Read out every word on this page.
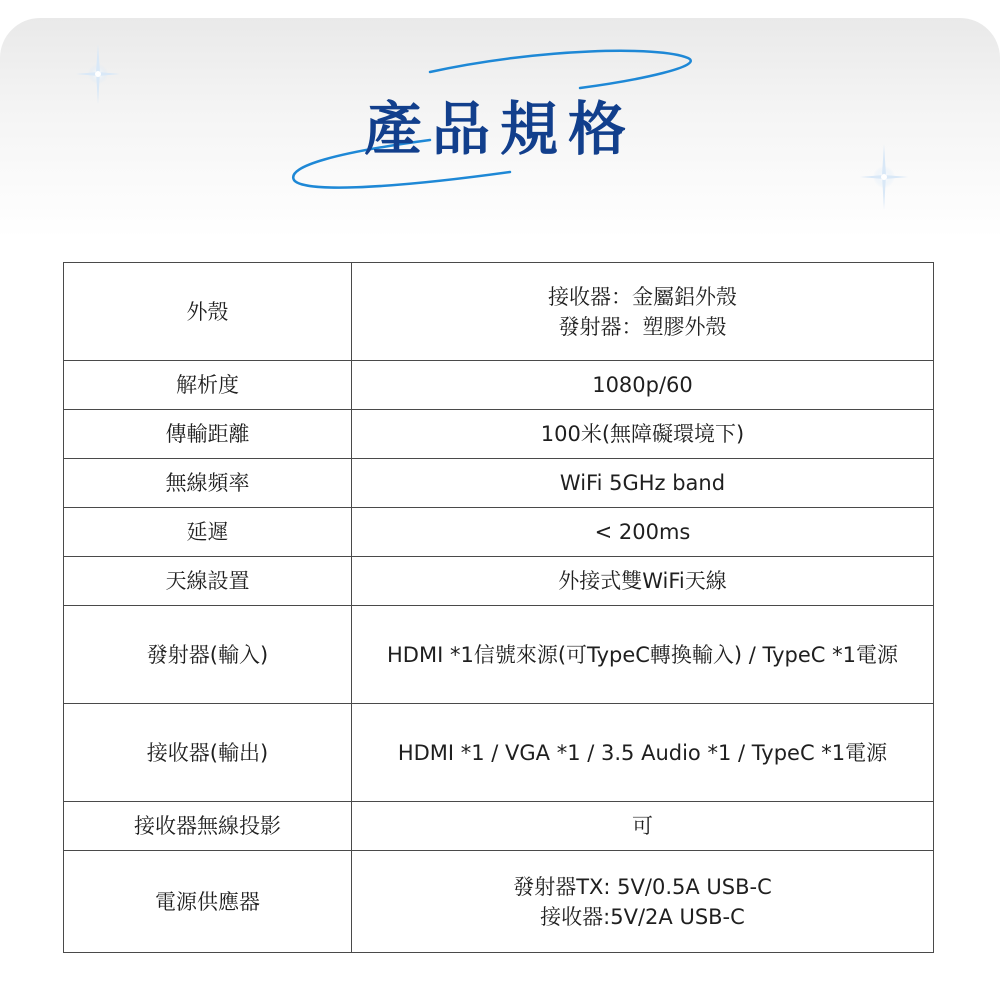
產品規格
外殼	接收器：金屬鋁外殼
發射器：塑膠外殼

解析度	1080p/60
傳輸距離	100米(無障礙環境下)
無線頻率	WiFi 5GHz band
延遲	< 200ms
天線設置	外接式雙WiFi天線
發射器(輸入)	HDMI *1信號來源(可TypeC轉換輸入) / TypeC *1電源
接收器(輸出)	HDMI *1 / VGA *1 / 3.5 Audio *1 / TypeC *1電源
接收器無線投影	可
電源供應器	發射器TX: 5V/0.5A USB-C
接收器:5V/2A USB-C
